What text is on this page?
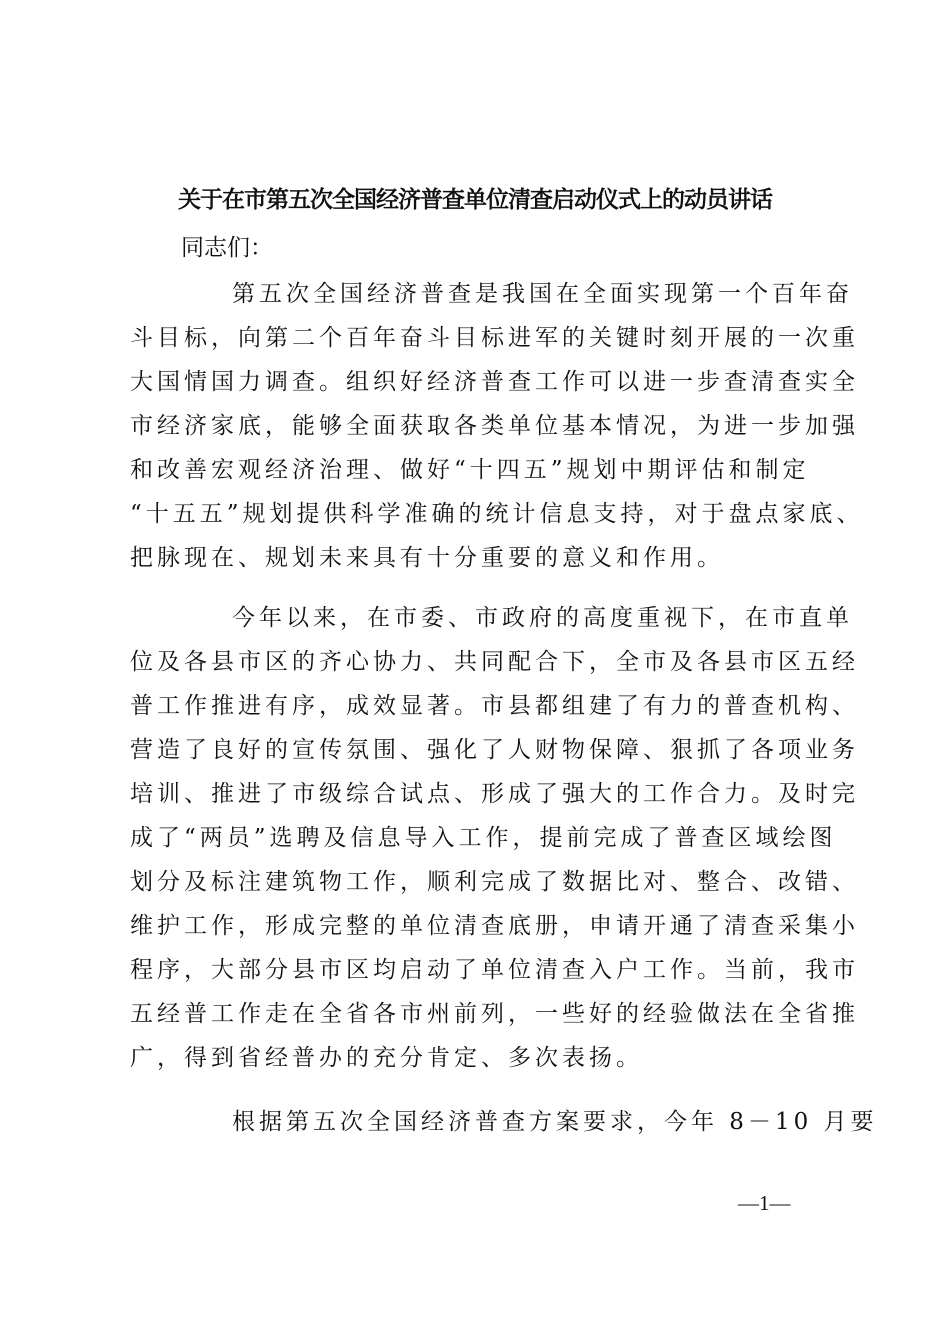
关于在市第五次全国经济普查单位清查启动仪式上的动员讲话
同志们：
第五次全国经济普查是我国在全面实现第一个百年奋
斗目标，向第二个百年奋斗目标进军的关键时刻开展的一次重
大国情国力调查。组织好经济普查工作可以进一步查清查实全
市经济家底，能够全面获取各类单位基本情况，为进一步加强
和改善宏观经济治理、做好“十四五”规划中期评估和制定
“十五五”规划提供科学准确的统计信息支持，对于盘点家底、
把脉现在、规划未来具有十分重要的意义和作用。
今年以来，在市委、市政府的高度重视下，在市直单
位及各县市区的齐心协力、共同配合下，全市及各县市区五经
普工作推进有序，成效显著。市县都组建了有力的普查机构、
营造了良好的宣传氛围、强化了人财物保障、狠抓了各项业务
培训、推进了市级综合试点、形成了强大的工作合力。及时完
成了“两员”选聘及信息导入工作，提前完成了普查区域绘图
划分及标注建筑物工作，顺利完成了数据比对、整合、改错、
维护工作，形成完整的单位清查底册，申请开通了清查采集小
程序，大部分县市区均启动了单位清查入户工作。当前，我市
五经普工作走在全省各市州前列，一些好的经验做法在全省推
广，得到省经普办的充分肯定、多次表扬。
根据第五次全国经济普查方案要求，今年 8－10 月要
—1—
